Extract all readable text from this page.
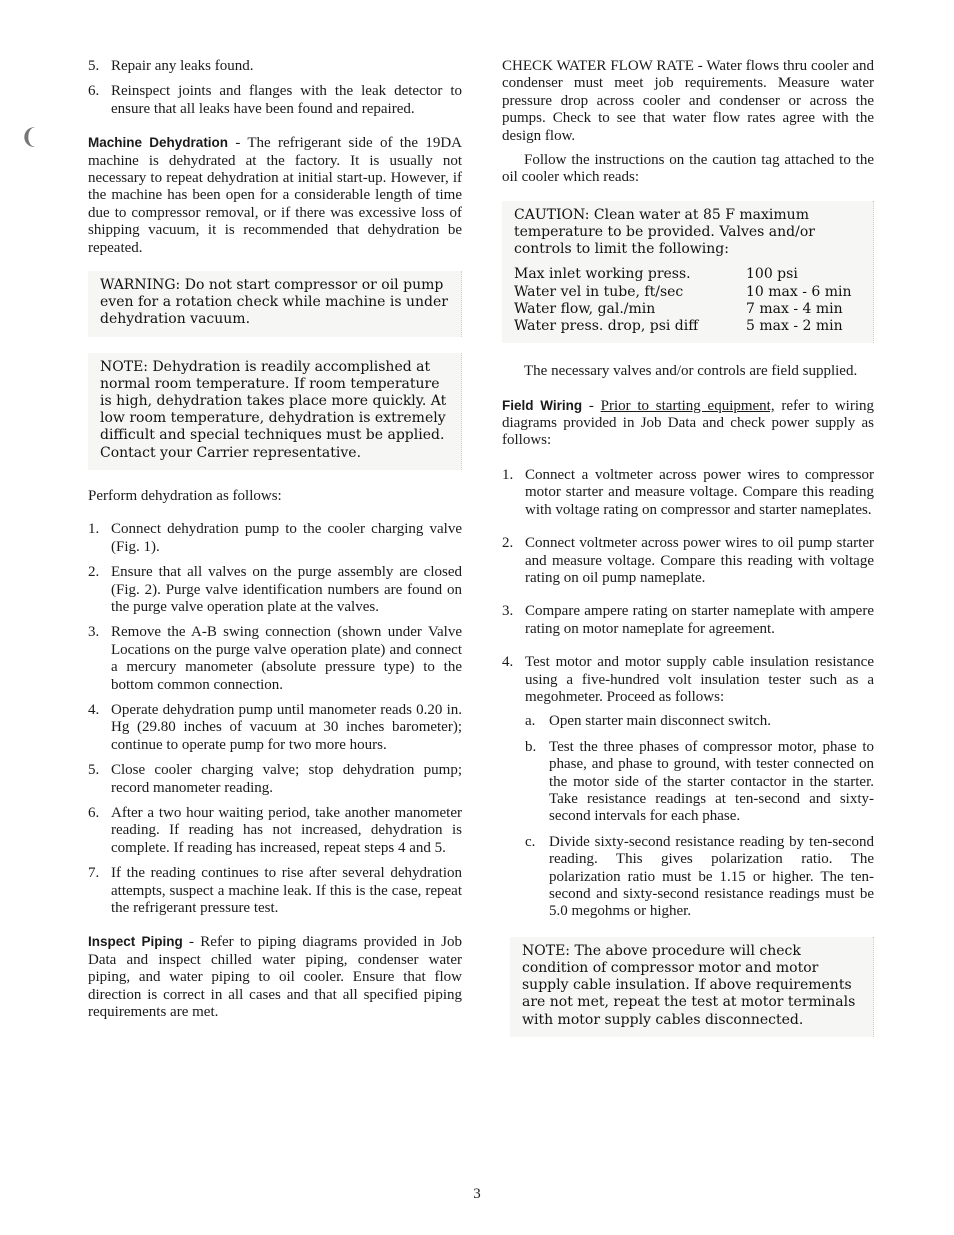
❨
5. Repair any leaks found.
6. Reinspect joints and flanges with the leak detector to ensure that all leaks have been found and repaired.

Machine Dehydration - The refrigerant side of the 19DA machine is dehydrated at the factory. It is usually not necessary to repeat dehydration at initial start-up. However, if the machine has been open for a considerable length of time due to compressor removal, or if there was excessive loss of shipping vacuum, it is recommended that dehydration be repeated.

WARNING: Do not start compressor or oil pump even for a rotation check while machine is under dehydration vacuum.
NOTE: Dehydration is readily accomplished at normal room temperature. If room temperature is high, dehydration takes place more quickly. At low room temperature, dehydration is extremely difficult and special techniques must be applied. Contact your Carrier representative.

Perform dehydration as follows:

1. Connect dehydration pump to the cooler charging valve (Fig. 1).
2. Ensure that all valves on the purge assembly are closed (Fig. 2). Purge valve identification numbers are found on the purge valve operation plate at the valves.
3. Remove the A-B swing connection (shown under Valve Locations on the purge valve operation plate) and connect a mercury manometer (absolute pressure type) to the bottom common connection.
4. Operate dehydration pump until manometer reads 0.20 in. Hg (29.80 inches of vacuum at 30 inches barometer); continue to operate pump for two more hours.
5. Close cooler charging valve; stop dehydration pump; record manometer reading.
6. After a two hour waiting period, take another manometer reading. If reading has not increased, dehydration is complete. If reading has increased, repeat steps 4 and 5.
7. If the reading continues to rise after several dehydration attempts, suspect a machine leak. If this is the case, repeat the refrigerant pressure test.

Inspect Piping - Refer to piping diagrams provided in Job Data and inspect chilled water piping, condenser water piping, and water piping to oil cooler. Ensure that flow direction is correct in all cases and that all specified piping requirements are met.

CHECK WATER FLOW RATE - Water flows thru cooler and condenser must meet job requirements. Measure water pressure drop across cooler and condenser or across the pumps. Check to see that water flow rates agree with the design flow.

Follow the instructions on the caution tag attached to the oil cooler which reads:

CAUTION: Clean water at 85 F maximum temperature to be provided. Valves and/or controls to limit the following:
Max inlet working press.	100 psi
Water vel in tube, ft/sec	10 max - 6 min
Water flow, gal./min	7 max - 4 min
Water press. drop, psi diff	5 max - 2 min

The necessary valves and/or controls are field supplied.

Field Wiring - Prior to starting equipment, refer to wiring diagrams provided in Job Data and check power supply as follows:

1. Connect a voltmeter across power wires to compressor motor starter and measure voltage. Compare this reading with voltage rating on compressor and starter nameplates.
2. Connect voltmeter across power wires to oil pump starter and measure voltage. Compare this reading with voltage rating on oil pump nameplate.
3. Compare ampere rating on starter nameplate with ampere rating on motor nameplate for agreement.
4. Test motor and motor supply cable insulation resistance using a five-hundred volt insulation tester such as a megohmeter. Proceed as follows:
a. Open starter main disconnect switch.
b. Test the three phases of compressor motor, phase to phase, and phase to ground, with tester connected on the motor side of the starter contactor in the starter. Take resistance readings at ten-second and sixty-second intervals for each phase.
c. Divide sixty-second resistance reading by ten-second reading. This gives polarization ratio. The polarization ratio must be 1.15 or higher. The ten-second and sixty-second resistance readings must be 5.0 megohms or higher.
NOTE: The above procedure will check condition of compressor motor and motor supply cable insulation. If above requirements are not met, repeat the test at motor terminals with motor supply cables disconnected.
3
